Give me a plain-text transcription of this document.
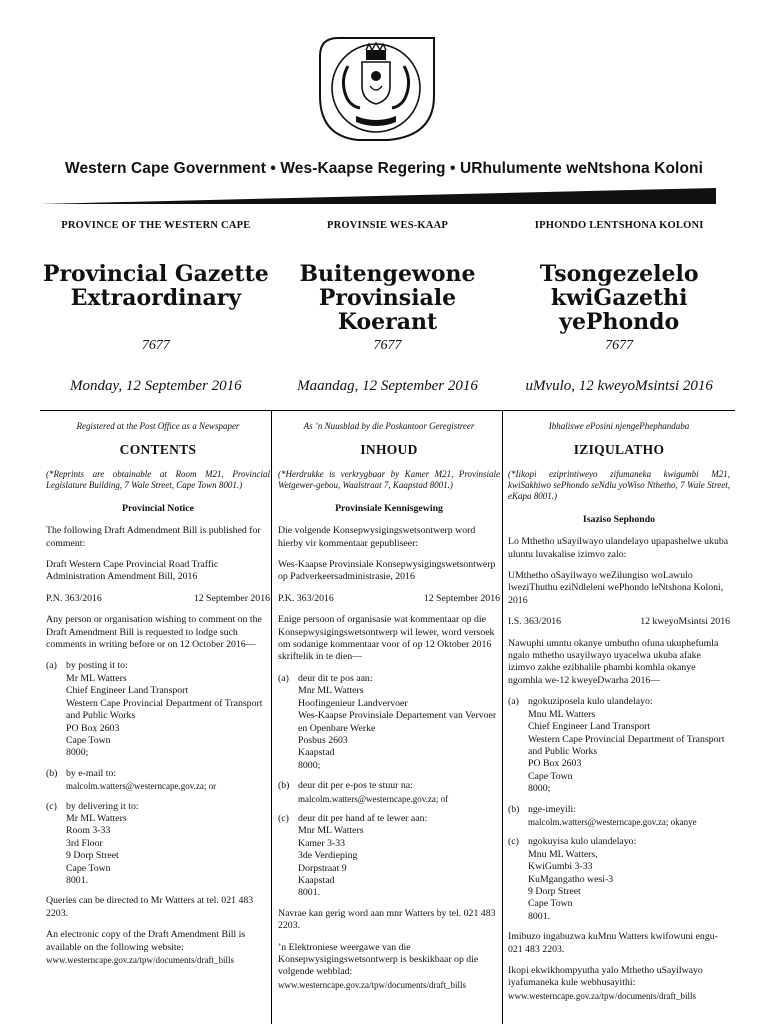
Western Cape Government • Wes-Kaapse Regering • URhulumente weNtshona Koloni
PROVINCE OF THE WESTERN CAPE
Provincial Gazette
Extraordinary
7677
Monday, 12 September 2016
PROVINSIE WES-KAAP
Buitengewone
Provinsiale Koerant
7677
Maandag, 12 September 2016
IPHONDO LENTSHONA KOLONI
Tsongezelelo
kwiGazethi yePhondo
7677
uMvulo, 12 kweyoMsintsi 2016
Registered at the Post Office as a Newspaper
CONTENTS
(*Reprints are obtainable at Room M21, Provincial Legislature Building, 7 Wale Street, Cape Town 8001.)
Provincial Notice

The following Draft Admendment Bill is published for comment:

Draft Western Cape Provincial Road Traffic Administration Amendment Bill, 2016

P.N. 363/2016	12 September 2016

Any person or organisation wishing to comment on the Draft Amendment Bill is requested to lodge such comments in writing before or on 12 October 2016—

(a) by posting it to:
Mr ML Watters
Chief Engineer Land Transport
Western Cape Provincial Department of Transport and Public Works
PO Box 2603
Cape Town
8000;
(b) by e-mail to:
malcolm.watters@westerncape.gov.za; or
(c) by delivering it to:
Mr ML Watters
Room 3-33
3rd Floor
9 Dorp Street
Cape Town
8001.

Queries can be directed to Mr Watters at tel. 021 483 2203.

An electronic copy of the Draft Amendment Bill is available on the following website:
www.westerncape.gov.za/tpw/documents/draft_bills

As ’n Nuusblad by die Poskantoor Geregistreer
INHOUD
(*Herdrukke is verkrygbaar by Kamer M21, Provinsiale Wetgewer-gebou, Waalstraat 7, Kaapstad 8001.)
Provinsiale Kennisgewing

Die volgende Konsepwysigingswetsontwerp word hierby vir kommentaar gepubliseer:

Wes-Kaapse Provinsiale Konsepwysigingswetsontwerp op Padverkeersadministrasie, 2016

P.K. 363/2016	12 September 2016

Enige persoon of organisasie wat kommentaar op die Konsepwysigingswetsontwerp wil lewer, word versoek om sodanige kommentaar voor of op 12 Oktober 2016 skriftelik in te dien—

(a) deur dit te pos aan:
Mnr ML Watters
Hoofingenieur Landvervoer
Wes-Kaapse Provinsiale Departement van Vervoer en Openbare Werke
Posbus 2603
Kaapstad
8000;
(b) deur dit per e-pos te stuur na:
malcolm.watters@westerncape.gov.za; of
(c) deur dit per hand af te lewer aan:
Mnr ML Watters
Kamer 3-33
3de Verdieping
Dorpstraat 9
Kaapstad
8001.

Navrae kan gerig word aan mnr Watters by tel. 021 483 2203.

’n Elektroniese weergawe van die Konsepwysigingswetsontwerp is beskikbaar op die volgende webblad:
www.westerncape.gov.za/tpw/documents/draft_bills

Ibhaliswe ePosini njengePhephandaba
IZIQULATHO
(*Iikopi eziprintiweyo zifumaneka kwigumbi M21, kwiSakhiwo sePhondo seNdlu yoWiso Nthetho, 7 Wale Street, eKapa 8001.)
Isaziso Sephondo

Lo Mthetho uSayilwayo ulandelayo upapashelwe ukuba uluntu luvakalise izimvo zalo:

UMthetho oSayilwayo weZilungiso woLawulo lweziThuthu eziNdleleni wePhondo leNtshona Koloni, 2016

I.S. 363/2016	12 kweyoMsintsi 2016

Nawuphi umntu okanye umbutho ofuna ukuphefumla ngalo mthetho usayilwayo uyacelwa ukuba afake izimvo zakhe ezibhalile phambi komhla okanye ngomhla we-12 kweyeDwarha 2016—

(a) ngokuziposela kulo ulandelayo:
Mnu ML Watters
Chief Engineer Land Transport
Western Cape Provincial Department of Transport and Public Works
PO Box 2603
Cape Town
8000;
(b) nge-imeyili:
malcolm.watters@westerncape.gov.za; okanye
(c) ngokuyisa kulo ulandelayo:
Mnu ML Watters,
KwiGumbi 3-33
KuMgangatho wesi-3
9 Dorp Street
Cape Town
8001.

Imibuzo ingabuzwa kuMnu Watters kwifowuni engu-021 483 2203.

Ikopi ekwikhompyutha yalo Mthetho uSayilwayo iyafumaneka kule webhusayithi:
www.westerncape.gov.za/tpw/documents/draft_bills
